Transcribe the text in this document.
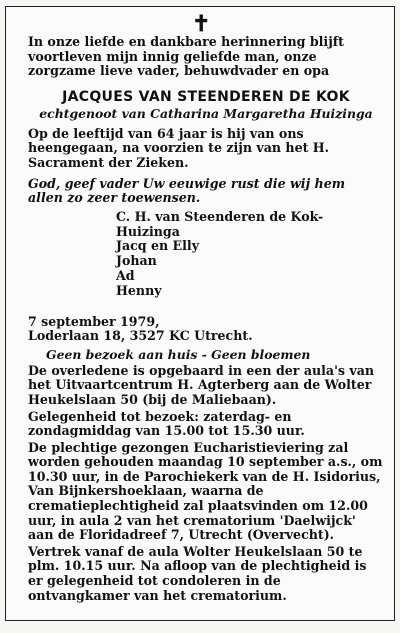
✝

In onze liefde en dankbare herinnering blijft voortleven mijn innig geliefde man, onze zorgzame lieve vader, behuwdvader en opa

JACQUES VAN STEENDEREN DE KOK
echtgenoot van Catharina Margaretha Huizinga

Op de leeftijd van 64 jaar is hij van ons heengegaan, na voorzien te zijn van het H. Sacrament der Zieken.

God, geef vader Uw eeuwige rust die wij hem allen zo zeer toewensen.

C. H. van Steenderen de Kok-Huizinga
Jacq en Elly
Johan
Ad
Henny

7 september 1979,

Loderlaan 18, 3527 KC Utrecht.

Geen bezoek aan huis - Geen bloemen

De overledene is opgebaard in een der aula's van het Uitvaartcentrum H. Agterberg aan de Wolter Heukelslaan 50 (bij de Maliebaan).

Gelegenheid tot bezoek: zaterdag- en zondagmiddag van 15.00 tot 15.30 uur.

De plechtige gezongen Eucharistieviering zal worden gehouden maandag 10 september a.s., om 10.30 uur, in de Parochiekerk van de H. Isidorius, Van Bijnkershoeklaan, waarna de crematieplechtigheid zal plaatsvinden om 12.00 uur, in aula 2 van het crematorium 'Daelwijck' aan de Floridadreef 7, Utrecht (Overvecht).

Vertrek vanaf de aula Wolter Heukelslaan 50 te plm. 10.15 uur. Na afloop van de plechtigheid is er gelegenheid tot condoleren in de ontvangkamer van het crematorium.
